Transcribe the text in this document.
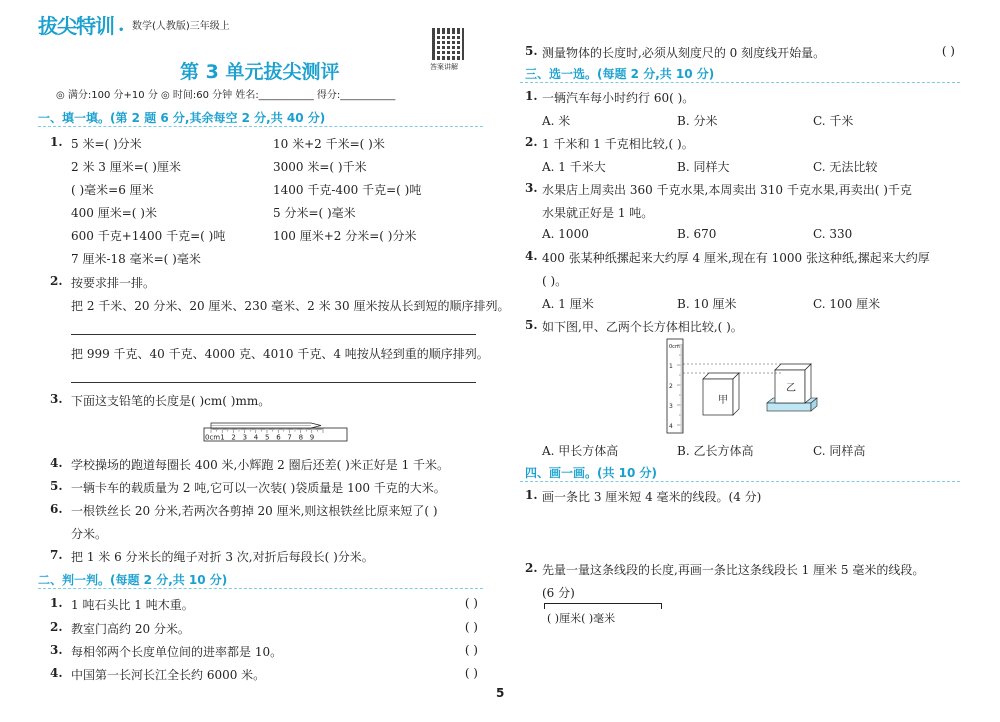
拔尖特训 • 数学(人教版)三年级上
答案讲解
第 3 单元拔尖测评
◎ 满分:100 分+10 分 ◎ 时间:60 分钟 姓名:___________ 得分:___________
一、填一填。(第 2 题 6 分,其余每空 2 分,共 40 分)
1. 5 米=( )分米	10 米+2 千米=( )米
2 米 3 厘米=( )厘米	3000 米=( )千米
( )毫米=6 厘米	1400 千克-400 千克=( )吨
400 厘米=( )米	5 分米=( )毫米
600 千克+1400 千克=( )吨	100 厘米+2 分米=( )分米
7 厘米-18 毫米=( )毫米
2. 按要求排一排。
把 2 千米、20 分米、20 厘米、230 毫米、2 米 30 厘米按从长到短的顺序排列。
把 999 千克、40 千克、4000 克、4010 千克、4 吨按从轻到重的顺序排列。
3. 下面这支铅笔的长度是( )cm( )mm。
0cm 1 2 3 4 5 6 7 8 9
4. 学校操场的跑道每圈长 400 米,小辉跑 2 圈后还差( )米正好是 1 千米。
5. 一辆卡车的载质量为 2 吨,它可以一次装( )袋质量是 100 千克的大米。
6. 一根铁丝长 20 分米,若两次各剪掉 20 厘米,则这根铁丝比原来短了( )
分米。
7. 把 1 米 6 分米长的绳子对折 3 次,对折后每段长( )分米。
二、判一判。(每题 2 分,共 10 分)
1. 1 吨石头比 1 吨木重。	( )
2. 教室门高约 20 分米。	( )
3. 每相邻两个长度单位间的进率都是 10。	( )
4. 中国第一长河长江全长约 6000 米。	( )
5. 测量物体的长度时,必须从刻度尺的 0 刻度线开始量。	( )
三、选一选。(每题 2 分,共 10 分)
1. 一辆汽车每小时约行 60( )。
A. 米	B. 分米	C. 千米
2. 1 千米和 1 千克相比较,( )。
A. 1 千米大	B. 同样大	C. 无法比较
3. 水果店上周卖出 360 千克水果,本周卖出 310 千克水果,再卖出( )千克
水果就正好是 1 吨。
A. 1000	B. 670	C. 330
4. 400 张某种纸摞起来大约厚 4 厘米,现在有 1000 张这种纸,摞起来大约厚
( )。
A. 1 厘米	B. 10 厘米	C. 100 厘米
5. 如下图,甲、乙两个长方体相比较,( )。
0cm
1
2
3
4
甲
乙
A. 甲长方体高	B. 乙长方体高	C. 同样高
四、画一画。(共 10 分)
1. 画一条比 3 厘米短 4 毫米的线段。(4 分)
2. 先量一量这条线段的长度,再画一条比这条线段长 1 厘米 5 毫米的线段。
(6 分)
( )厘米( )毫米
5
